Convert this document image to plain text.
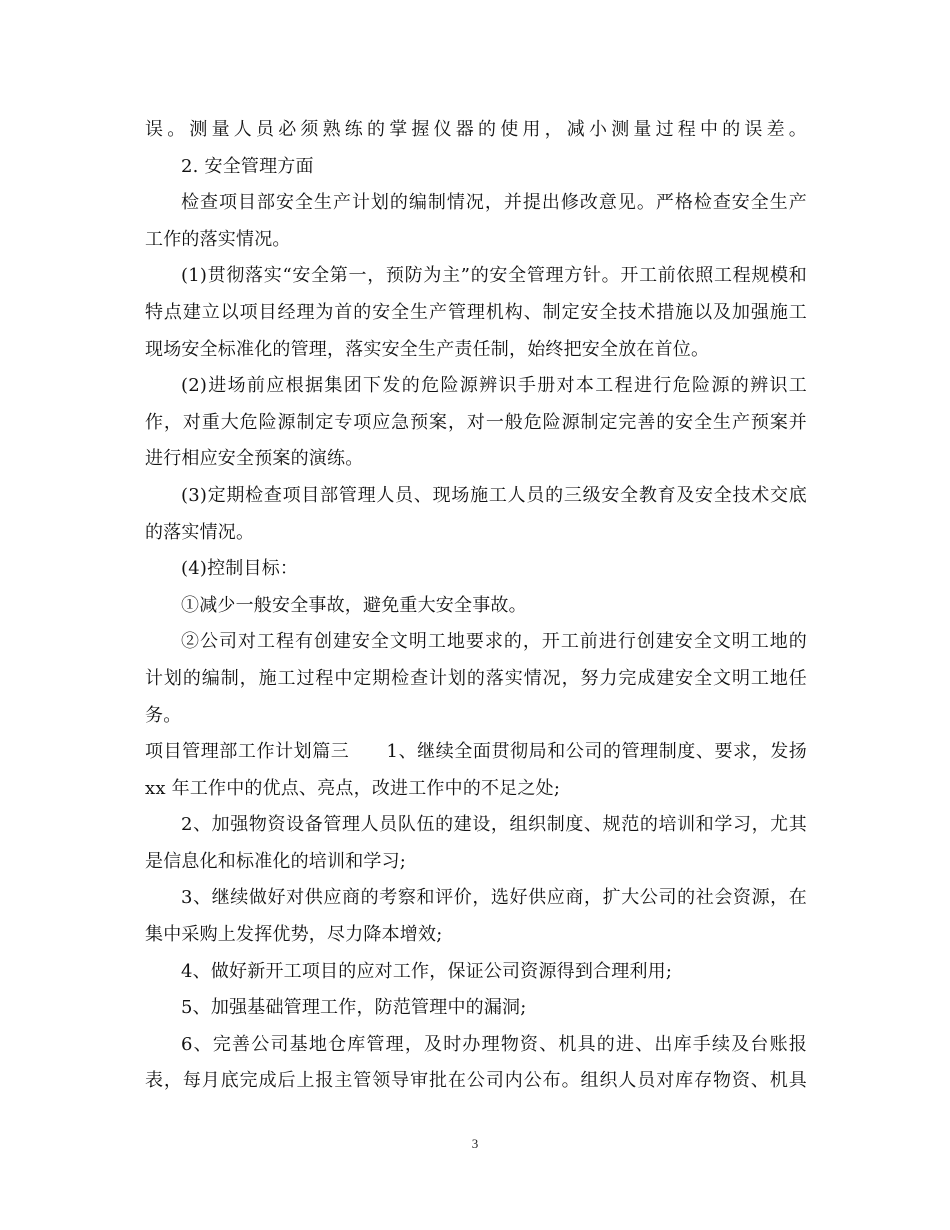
误。测量人员必须熟练的掌握仪器的使用，减小测量过程中的误差。
2. 安全管理方面
检查项目部安全生产计划的编制情况，并提出修改意见。严格检查安全生产
工作的落实情况。
(1)贯彻落实“安全第一，预防为主”的安全管理方针。开工前依照工程规模和
特点建立以项目经理为首的安全生产管理机构、制定安全技术措施以及加强施工
现场安全标准化的管理，落实安全生产责任制，始终把安全放在首位。
(2)进场前应根据集团下发的危险源辨识手册对本工程进行危险源的辨识工
作，对重大危险源制定专项应急预案，对一般危险源制定完善的安全生产预案并
进行相应安全预案的演练。
(3)定期检查项目部管理人员、现场施工人员的三级安全教育及安全技术交底
的落实情况。
(4)控制目标：
①减少一般安全事故，避免重大安全事故。
②公司对工程有创建安全文明工地要求的，开工前进行创建安全文明工地的
计划的编制，施工过程中定期检查计划的落实情况，努力完成建安全文明工地任
务。
项目管理部工作计划篇三　　1、继续全面贯彻局和公司的管理制度、要求，发扬
xx 年工作中的优点、亮点，改进工作中的不足之处;
2、加强物资设备管理人员队伍的建设，组织制度、规范的培训和学习，尤其
是信息化和标准化的培训和学习;
3、继续做好对供应商的考察和评价，选好供应商，扩大公司的社会资源，在
集中采购上发挥优势，尽力降本增效;
4、做好新开工项目的应对工作，保证公司资源得到合理利用;
5、加强基础管理工作，防范管理中的漏洞;
6、完善公司基地仓库管理，及时办理物资、机具的进、出库手续及台账报
表，每月底完成后上报主管领导审批在公司内公布。组织人员对库存物资、机具
3
